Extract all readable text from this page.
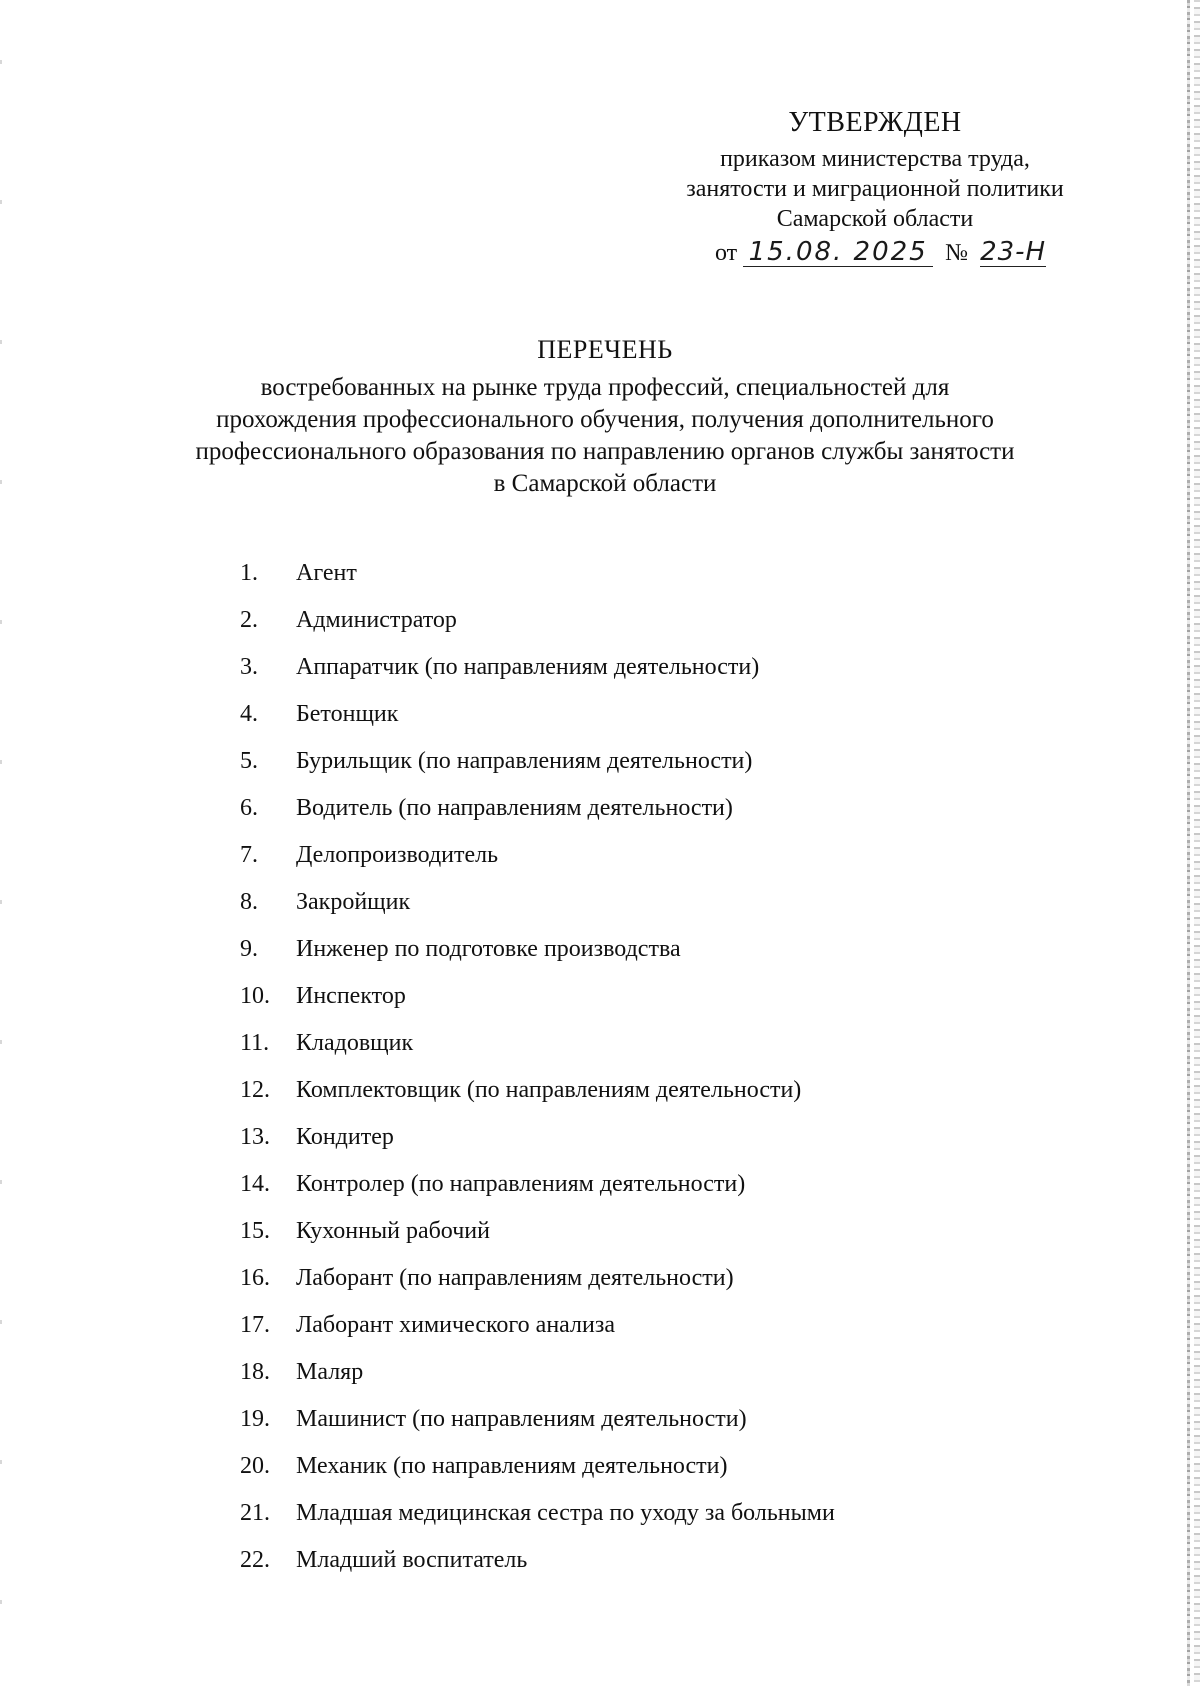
УТВЕРЖДЕН
приказом министерства труда,
занятости и миграционной политики
Самарской области
от 15.08. 2025 № 23-Н
ПЕРЕЧЕНЬ
востребованных на рынке труда профессий, специальностей для
прохождения профессионального обучения, получения дополнительного
профессионального образования по направлению органов службы занятости
в Самарской области
1.	Агент
2.	Администратор
3.	Аппаратчик (по направлениям деятельности)
4.	Бетонщик
5.	Бурильщик (по направлениям деятельности)
6.	Водитель (по направлениям деятельности)
7.	Делопроизводитель
8.	Закройщик
9.	Инженер по подготовке производства
10.	Инспектор
11.	Кладовщик
12.	Комплектовщик (по направлениям деятельности)
13.	Кондитер
14.	Контролер (по направлениям деятельности)
15.	Кухонный рабочий
16.	Лаборант (по направлениям деятельности)
17.	Лаборант химического анализа
18.	Маляр
19.	Машинист (по направлениям деятельности)
20.	Механик (по направлениям деятельности)
21.	Младшая медицинская сестра по уходу за больными
22.	Младший воспитатель
